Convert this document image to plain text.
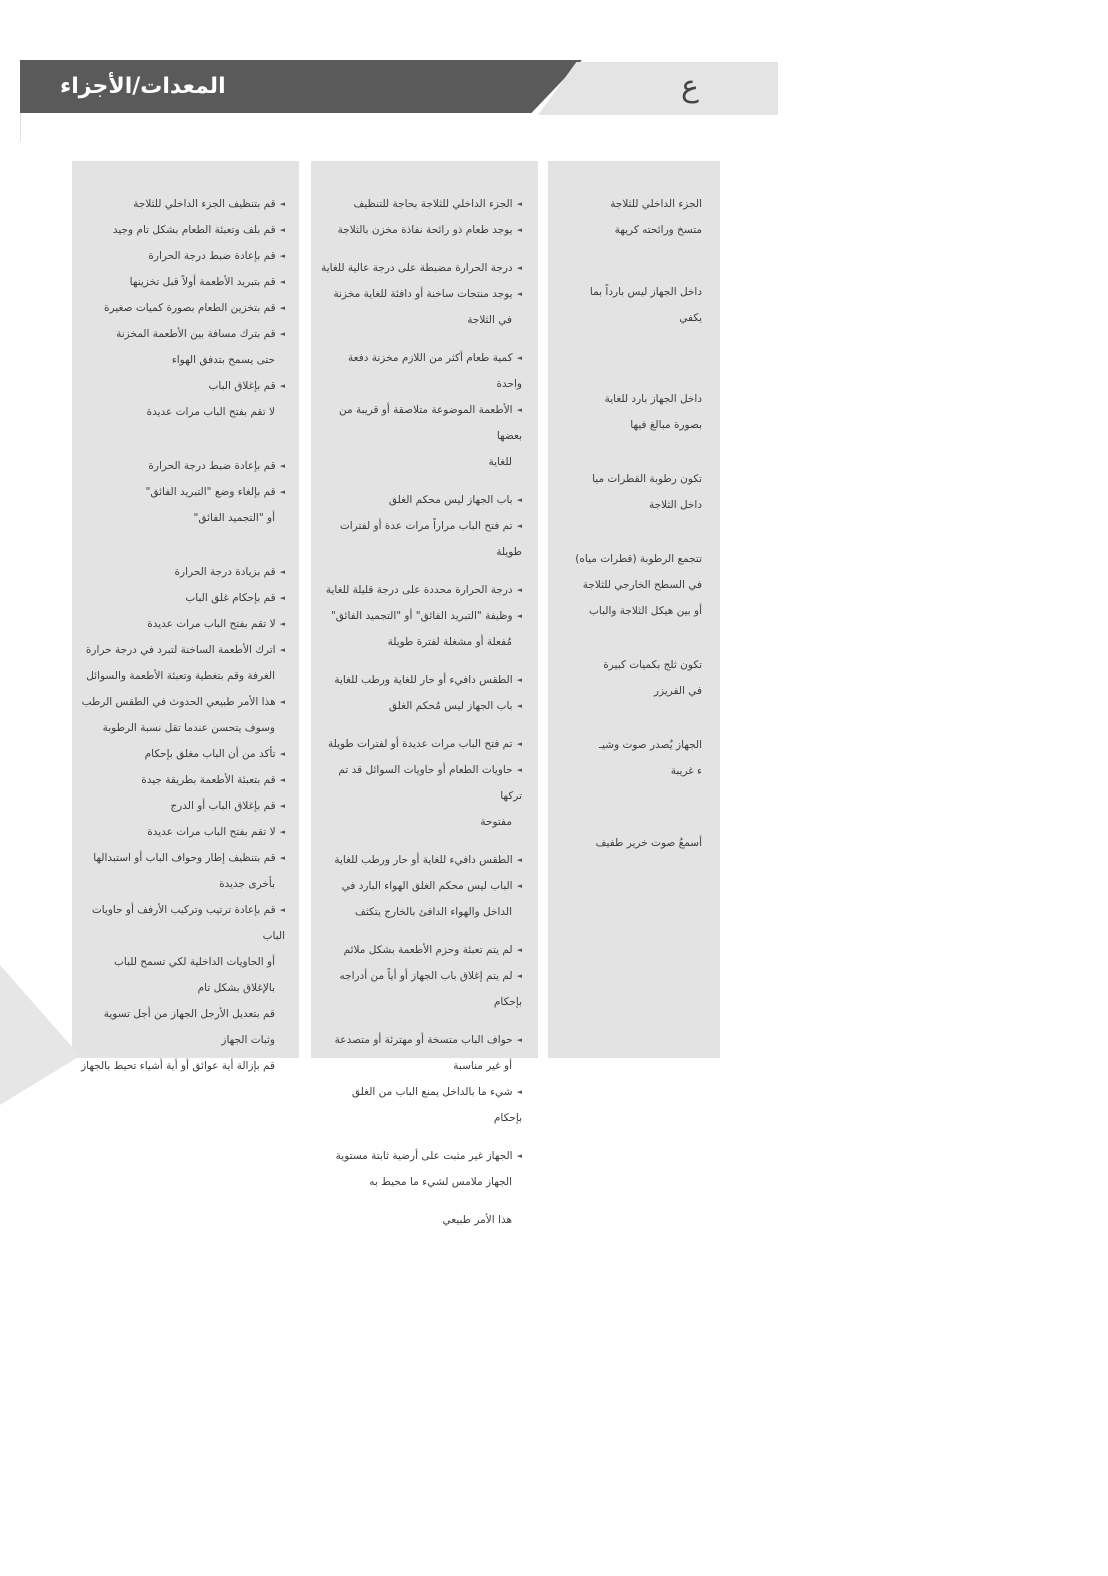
المعدات/الأجزاء	ع
الجزء الداخلي للثلاجة
متسخ ورائحته كريهة
داخل الجهاز ليس بارداً بما
يكفي
داخل الجهاز بارد للغاية
بصورة مبالغ فيها
تكون رطوبة القطرات ميا
داخل الثلاجة
تتجمع الرطوبة (قطرات مياه)
في السطح الخارجي للثلاجة
أو بين هيكل الثلاجة والباب
تكون ثلج بكميات كبيرة
في الفريزر
الجهاز يُصدر صوت وشيـ
ء غريبة
أسمعُ صوت خرير طفيف
◄ الجزء الداخلي للثلاجة بحاجة للتنظيف
◄ يوجد طعام ذو رائحة نفاذة مخزن بالثلاجة
◄ درجة الحرارة مضبطة على درجة عالية للغاية
◄ يوجد منتجات ساخنة أو دافئة للغاية مخزنة
في الثلاجة
◄ كمية طعام أكثر من اللازم مخزنة دفعة واحدة
◄ الأطعمة الموضوعة متلاصقة أو قريبة من بعضها
للغاية
◄ باب الجهاز ليس محكم الغلق
◄ تم فتح الباب مراراً مرات عدة أو لفترات طويلة
◄ درجة الحرارة محددة على درجة قليلة للغاية
◄ وظيفة "التبريد الفائق" أو "التجميد الفائق"
مُفعلة أو مشغلة لفترة طويلة
◄ الطقس دافيء أو حار للغاية ورطب للغاية
◄ باب الجهاز ليس مُحكم الغلق
◄ تم فتح الباب مرات عديدة أو لفترات طويلة
◄ حاويات الطعام أو حاويات السوائل قد تم تركها
مفتوحة
◄ الطقس دافيء للغاية أو حار ورطب للغاية
◄ الباب ليس محكم الغلق الهواء البارد في
الداخل والهواء الدافئ بالخارج يتكثف
◄ لم يتم تعبئة وحزم الأطعمة بشكل ملائم
◄ لم يتم إغلاق باب الجهاز أو أياً من أدراجه بإحكام
◄ حواف الباب متسخة أو مهترئة أو متصدعة
أو غير مناسبة
◄ شيء ما بالداخل يمنع الباب من الغلق بإحكام
◄ الجهاز غير مثبت على أرضية ثابتة مستوية
الجهاز ملامس لشيء ما محيط به
هذا الأمر طبيعي
◄ قم بتنظيف الجزء الداخلي للثلاجة
◄ قم بلف وتعبئة الطعام بشكل تام وجيد
◄ قم بإعادة ضبط درجة الحرارة
◄ قم بتبريد الأطعمة أولاً قبل تخزينها
◄ قم بتخزين الطعام بصورة كميات صغيرة
◄ قم بترك مسافة بين الأطعمة المخزنة
حتى يسمح بتدفق الهواء
◄ قم بإغلاق الباب
لا تقم بفتح الباب مرات عديدة
◄ قم بإعادة ضبط درجة الحرارة
◄ قم بإلغاء وضع "التبريد الفائق"
أو "التجميد الفائق"
◄ قم بزيادة درجة الحرارة
◄ قم بإحكام غلق الباب
◄ لا تقم بفتح الباب مرات عديدة
◄ اترك الأطعمة الساخنة لتبرد في درجة حرارة
الغرفة وقم بتغطية وتعبئة الأطعمة والسوائل
◄ هذا الأمر طبيعي الحدوث في الطقس الرطب
وسوف يتحسن عندما تقل نسبة الرطوبة
◄ تأكد من أن الباب مغلق بإحكام
◄ قم بتعبئة الأطعمة بطريقة جيدة
◄ قم بإغلاق الباب أو الدرج
◄ لا تقم بفتح الباب مرات عديدة
◄ قم بتنظيف إطار وحواف الباب أو استبدالها
بأخرى جديدة
◄ قم بإعادة ترتيب وتركيب الأرفف أو حاويات الباب
أو الحاويات الداخلية لكي تسمح للباب
بالإغلاق بشكل تام
قم بتعديل الأرجل الجهاز من أجل تسوية
وثبات الجهاز
قم بإزالة أية عوائق أو أية أشياء تحيط بالجهاز
